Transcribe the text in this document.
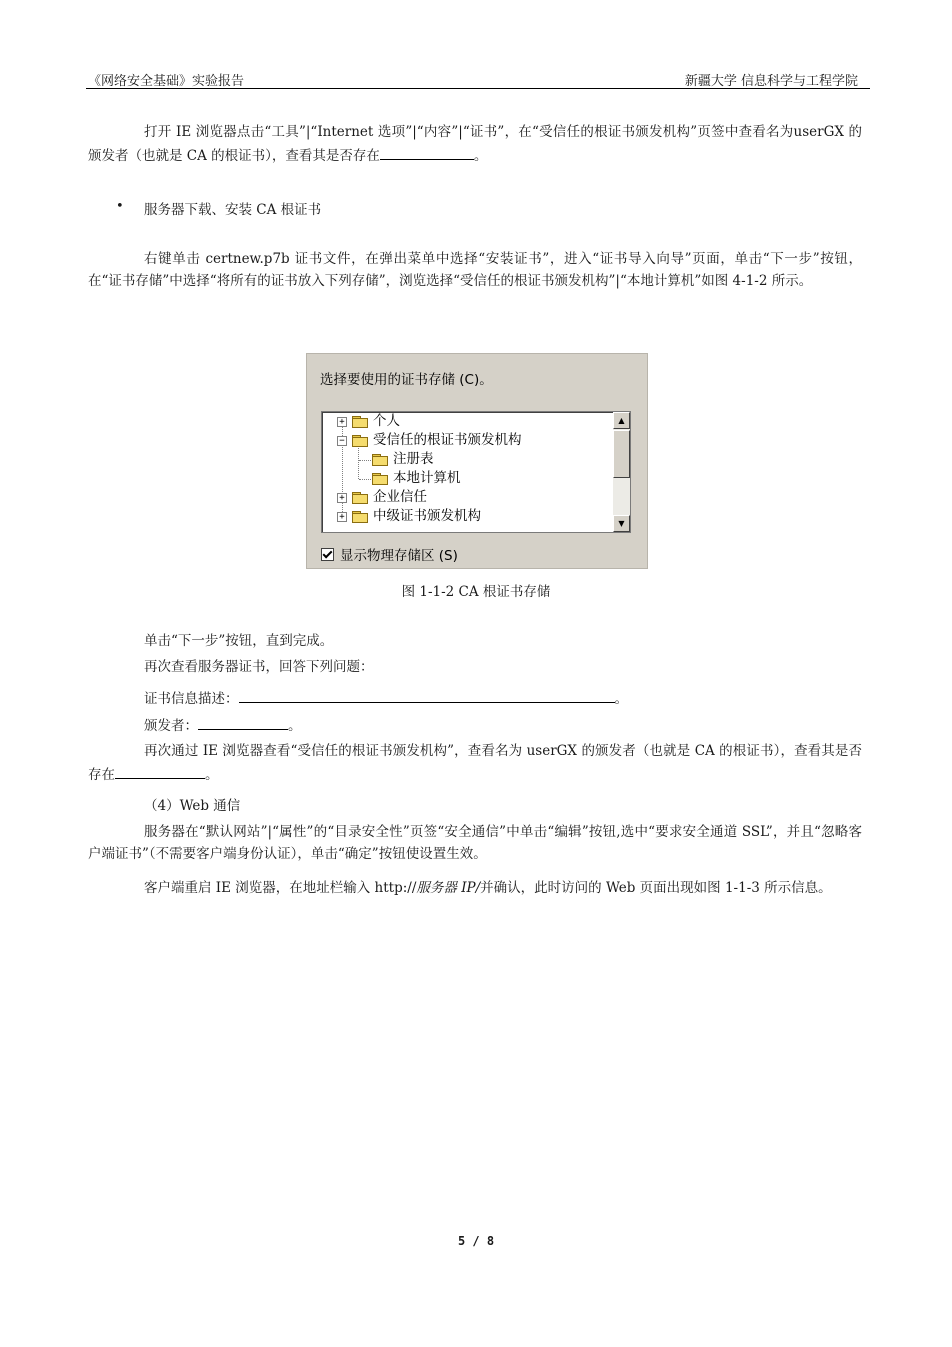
《网络安全基础》实验报告	新疆大学 信息科学与工程学院
打开 IE 浏览器点击“工具”|“Internet 选项”|“内容”|“证书”，在“受信任的根证书颁发机构”页签中查看名为userGX 的颁发者（也就是 CA 的根证书），查看其是否存在	。
• 服务器下载、安装 CA 根证书
右键单击 certnew.p7b 证书文件，在弹出菜单中选择“安装证书”，进入“证书导入向导”页面，单击“下一步”按钮，在“证书存储”中选择“将所有的证书放入下列存储”，浏览选择“受信任的根证书颁发机构”|“本地计算机”如图 4-1-2 所示。
选择要使用的证书存储 (C)。
+ 个人
− 受信任的根证书颁发机构
注册表
本地计算机
+ 企业信任
+ 中级证书颁发机构
▲
▼
显示物理存储区 (S)
图 1-1-2 CA 根证书存储
单击“下一步”按钮，直到完成。
再次查看服务器证书，回答下列问题：
证书信息描述：	。
颁发者：	。
再次通过 IE 浏览器查看“受信任的根证书颁发机构”，查看名为 userGX 的颁发者（也就是 CA 的根证书），查看其是否存在	。
（4）Web 通信
服务器在“默认网站”|“属性”的“目录安全性”页签“安全通信”中单击“编辑”按钮,选中“要求安全通道 SSL”，并且“忽略客户端证书”（不需要客户端身份认证），单击“确定”按钮使设置生效。
客户端重启 IE 浏览器，在地址栏输入 http://服务器 IP/并确认，此时访问的 Web 页面出现如图 1-1-3 所示信息。
5 / 8
